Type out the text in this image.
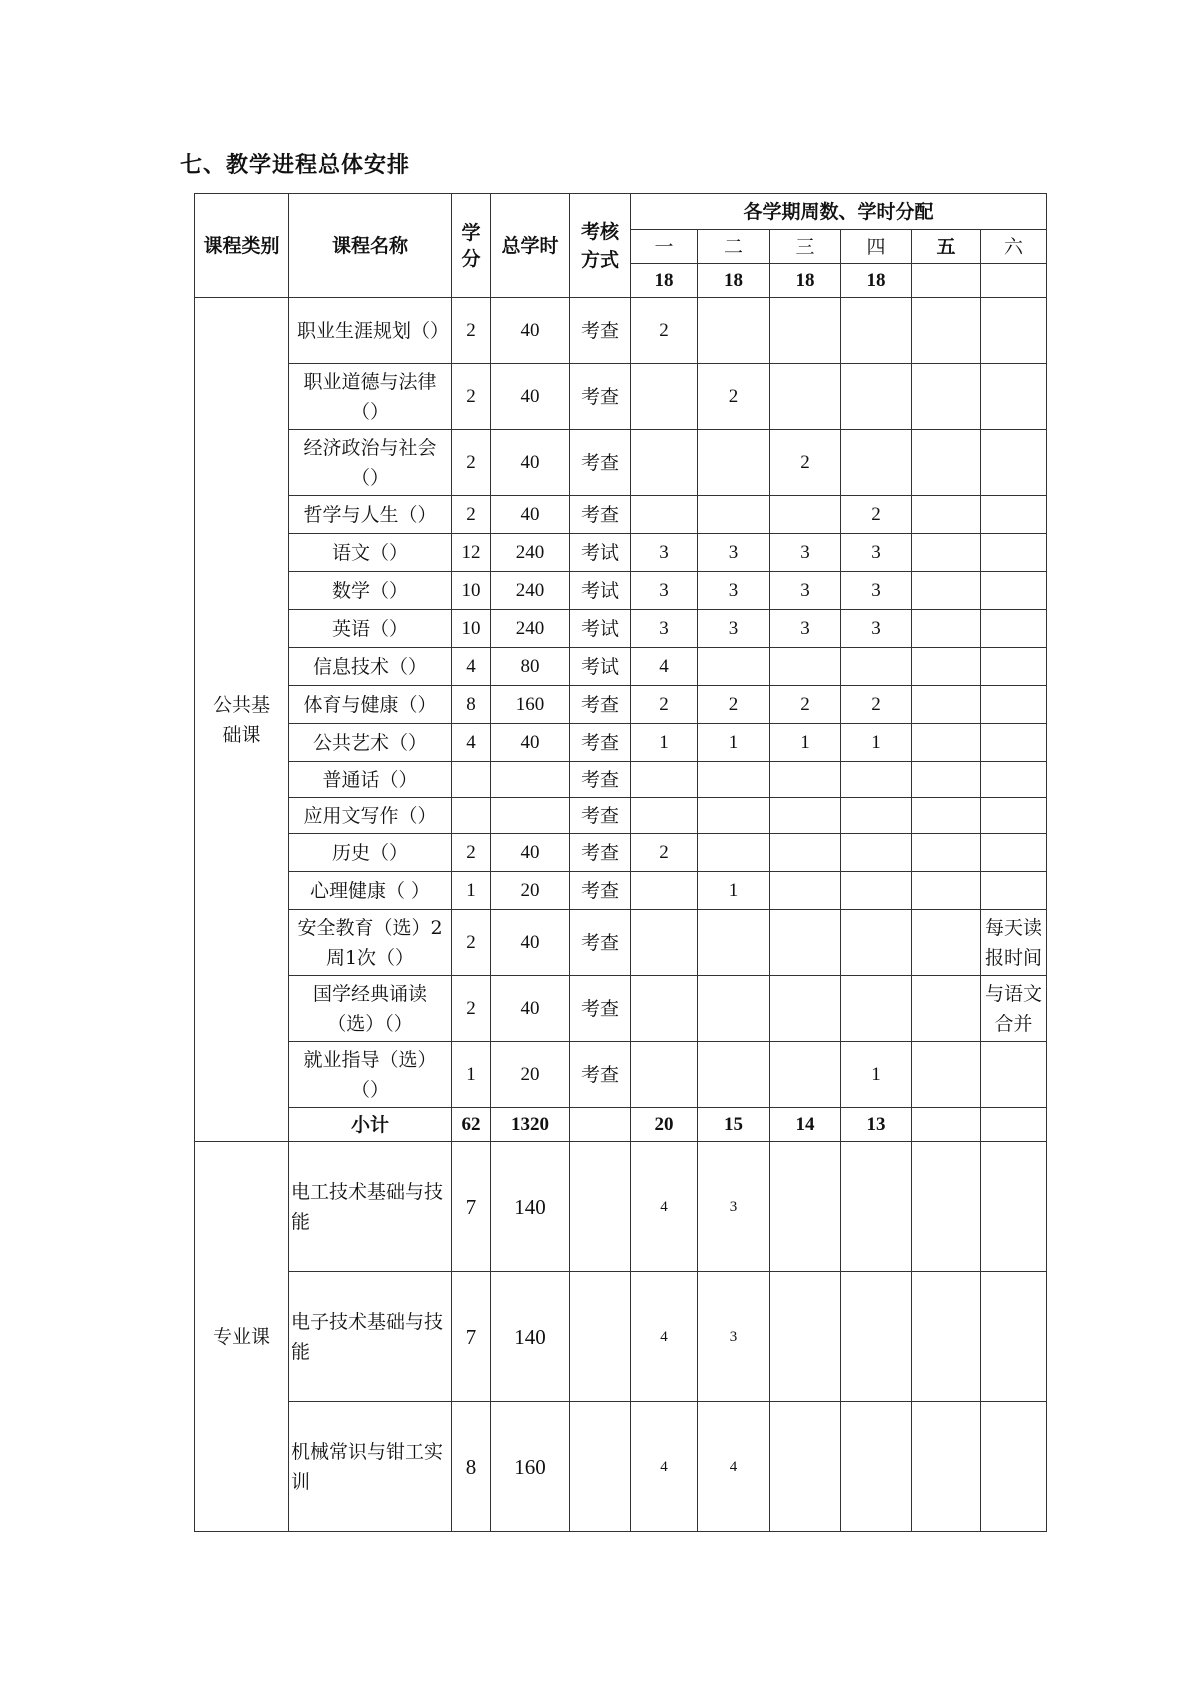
七、教学进程总体安排
课程类别	课程名称	学分	总学时	考核方式	各学期周数、学时分配					
					一	二	三	四	五	六
					18	18	18	18		
公共基础课	职业生涯规划（）	2	40	考查	2					
	职业道德与法律（）	2	40	考查		2				
	经济政治与社会（）	2	40	考查			2			
	哲学与人生（）	2	40	考查				2		
	语文（）	12	240	考试	3	3	3	3		
	数学（）	10	240	考试	3	3	3	3		
	英语（）	10	240	考试	3	3	3	3		
	信息技术（）	4	80	考试	4					
	体育与健康（）	8	160	考查	2	2	2	2		
	公共艺术（）	4	40	考查	1	1	1	1		
	普通话（）			考查						
	应用文写作（）			考查						
	历史（）	2	40	考查	2					
	心理健康（ ）	1	20	考查		1				
	安全教育（选）2周1次（）	2	40	考查						每天读报时间
	国学经典诵读（选）（）	2	40	考查						与语文合并
	就业指导（选）（）	1	20	考查				1		
	小计	62	1320		20	15	14	13		
专业课	电工技术基础与技能	7	140		4	3				
	电子技术基础与技能	7	140		4	3				
	机械常识与钳工实训	8	160		4	4				
